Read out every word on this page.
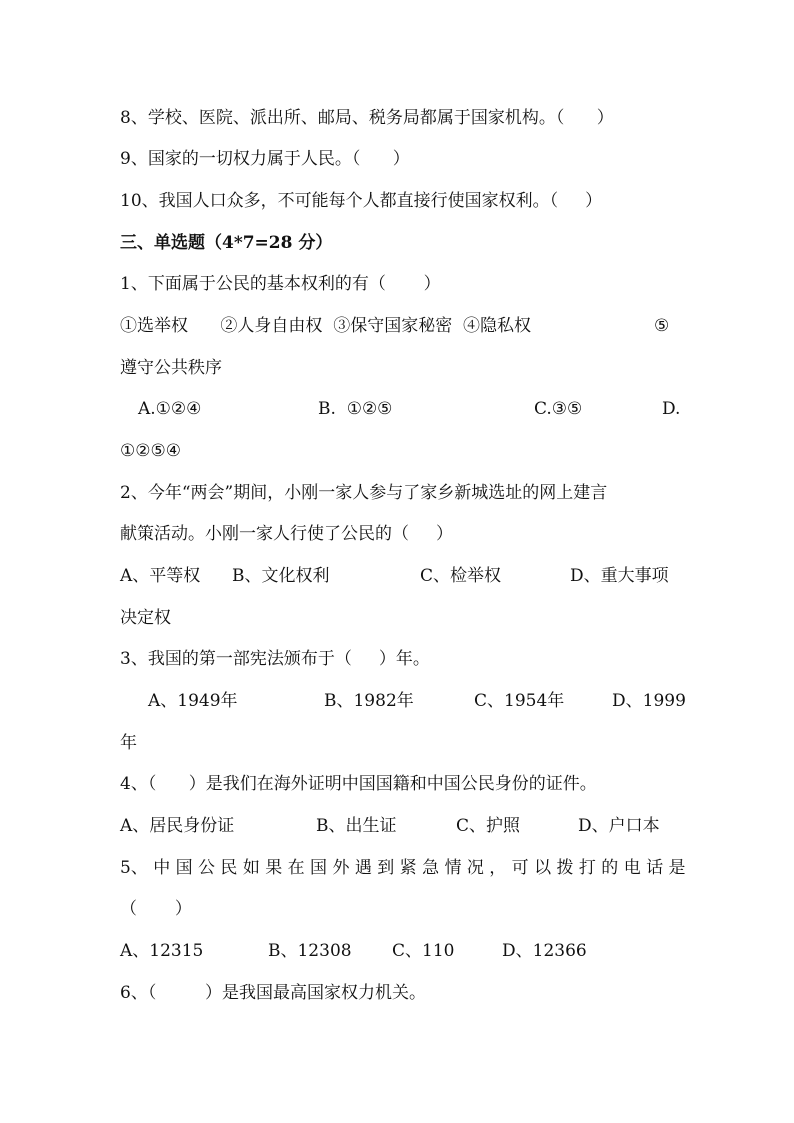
8、学校、医院、派出所、邮局、税务局都属于国家机构。（      ）
9、国家的一切权力属于人民。（      ）
10、我国人口众多，不可能每个人都直接行使国家权利。（     ）
三、单选题（4*7=28 分）
1、下面属于公民的基本权利的有（       ）
①选举权      ②人身自由权  ③保守国家秘密  ④隐私权	⑤
遵守公共秩序
A.①②④	B.  ①②⑤	C.③⑤	D.
①②⑤④
2、今年“两会”期间，小刚一家人参与了家乡新城选址的网上建言
献策活动。小刚一家人行使了公民的（     ）
A、平等权 B、文化权利	C、检举权	D、重大事项
决定权
3、我国的第一部宪法颁布于（     ）年。
A、1949年	B、1982年	C、1954年	D、1999
年
4、（      ）是我们在海外证明中国国籍和中国公民身份的证件。
A、居民身份证	B、出生证	C、护照	D、户口本
5、 中 国 公 民 如 果 在 国 外 遇 到 紧 急 情 况 ， 可 以 拨 打 的 电 话 是
（       ）
A、12315	B、12308 C、110	D、12366
6、（         ）是我国最高国家权力机关。
